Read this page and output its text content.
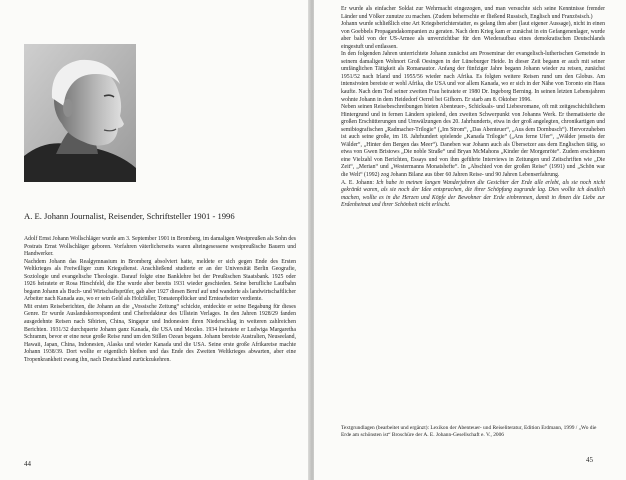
A. E. Johann Journalist, Reisender, Schriftsteller 1901 - 1996

Adolf Ernst Johann Wollschläger wurde am 3. September 1901 in Bromberg, im damaligen Westpreußen als Sohn des Postrats Ernst Wollschläger geboren. Vorfahren väterlicherseits waren alteingesessene westpreußische Bauern und Handwerker.

Nachdem Johann das Realgymnasium in Bromberg absolviert hatte, meldete er sich gegen Ende des Ersten Weltkrieges als Freiwilliger zum Kriegsdienst. Anschließend studierte er an der Universität Berlin Geografie, Soziologie und evangelische Theologie. Darauf folgte eine Banklehre bei der Preußischen Staatsbank. 1925 oder 1926 heiratete er Rosa Hirschfeld, die Ehe wurde aber bereits 1931 wieder geschieden. Seine berufliche Laufbahn begann Johann als Buch- und Wirtschaftsprüfer, gab aber 1927 diesen Beruf auf und wanderte als landwirtschaftlicher Arbeiter nach Kanada aus, wo er sein Geld als Holzfäller, Tomatenpflücker und Erntearbeiter verdiente.

Mit ersten Reiseberichten, die Johann an die „Vossische Zeitung“ schickte, entdeckte er seine Begabung für dieses Genre. Er wurde Auslandskorrespondent und Chefredakteur des Ullstein Verlages. In den Jahren 1928/29 fanden ausgedehnte Reisen nach Sibirien, China, Singapur und Indonesien ihren Niederschlag in weiteren zahlreichen Berichten. 1931/32 durchquerte Johann ganz Kanada, die USA und Mexiko. 1934 heiratete er Ludwiga Margaretha Schramm, bevor er eine neue große Reise rund um den Stillen Ozean begann. Johann bereiste Australien, Neuseeland, Hawaii, Japan, China, Indonesien, Alaska und wieder Kanada und die USA. Seine erste große Afrikareise machte Johann 1938/39. Dort wollte er eigentlich bleiben und das Ende des Zweiten Weltkrieges abwarten, aber eine Tropenkrankheit zwang ihn, nach Deutschland zurückzukehren.

44

Er wurde als einfacher Soldat zur Wehrmacht eingezogen, und man versuchte sich seine Kenntnisse fremder Länder und Völker zunutze zu machen. (Zudem beherrschte er fließend Russisch, Englisch und Französisch.)

Johann wurde schließlich eine Art Kriegsberichterstatter, es gelang ihm aber (laut eigener Aussage), nicht in einen von Goebbels Propagandakompanien zu geraten. Nach dem Krieg kam er zunächst in ein Gefangenenlager, wurde aber bald von der US-Armee als unverzichtbar für den Wiederaufbau eines demokratischen Deutschlands eingestuft und entlassen.

In den folgenden Jahren unterrichtete Johann zunächst am Proseminar der evangelisch-lutherischen Gemeinde in seinem damaligen Wohnort Groß Oesingen in der Lüneburger Heide. In dieser Zeit begann er auch mit seiner umfänglichen Tätigkeit als Romanautor. Anfang der fünfziger Jahre begann Johann wieder zu reisen, zunächst 1951/52 nach Irland und 1955/56 wieder nach Afrika. Es folgten weitere Reisen rund um den Globus. Am intensivsten bereiste er wohl Afrika, die USA und vor allem Kanada, wo er sich in der Nähe von Toronto ein Haus kaufte. Nach dem Tod seiner zweiten Frau heiratete er 1980 Dr. Ingeborg Berning. In seinen letzten Lebensjahren wohnte Johann in dem Heidedorf Oerrel bei Gifhorn. Er starb am 8. Oktober 1996.

Neben seinen Reisebeschreibungen bieten Abenteuer-, Schicksals- und Liebesromane, oft mit zeitgeschichtlichem Hintergrund und in fernen Ländern spielend, den zweiten Schwerpunkt von Johanns Werk. Er thematisierte die großen Erschütterungen und Umwälzungen des 20. Jahrhunderts, etwa in der groß angelegten, chronikartigen und semibiografischen „Radmacher-Trilogie“ („Im Strom“, „Das Abenteuer“, „Aus dem Dornbusch“). Hervorzuheben ist auch seine große, im 18. Jahrhundert spielende „Kanada Trilogie“ („Ans ferne Ufer“, „Wälder jenseits der Wälder“, „Hinter den Bergen das Meer“). Daneben war Johann auch als Übersetzer aus dem Englischen tätig, so etwa von Gwen Bristows „Die noble Straße“ und Bryan McMahons „Kinder der Morgenröte“. Zudem erschienen eine Vielzahl von Berichten, Essays und von ihm geführte Interviews in Zeitungen und Zeitschriften wie „Die Zeit“, „Merian“ und „Westermanns Monatshefte“. In „Abschied von der großen Reise“ (1991) und „Schön war die Welt“ (1992) zog Johann Bilanz aus über 60 Jahren Reise- und 90 Jahren Lebenserfahrung.

A. E. Johann: Ich habe in meinen langen Wanderjahren die Gesichter der Erde alle erlebt, als sie noch nicht gekränkt waren, als sie noch der Idee entsprachen, die ihrer Schöpfung zugrunde lag. Dies wollte ich deutlich machen, wollte es in die Herzen und Köpfe der Bewohner der Erde einbrennen, damit in ihnen die Liebe zur Erdenheimat und ihrer Schönheit nicht erlischt.

Textgrundlagen (bearbeitet und ergänzt): Lexikon der Abenteuer- und Reiseliteratur, Edition Erdmann, 1999 / „Wo die Erde am schönsten ist“ Broschüre der A. E. Johann-Gesellschaft e. V., 2006
45
